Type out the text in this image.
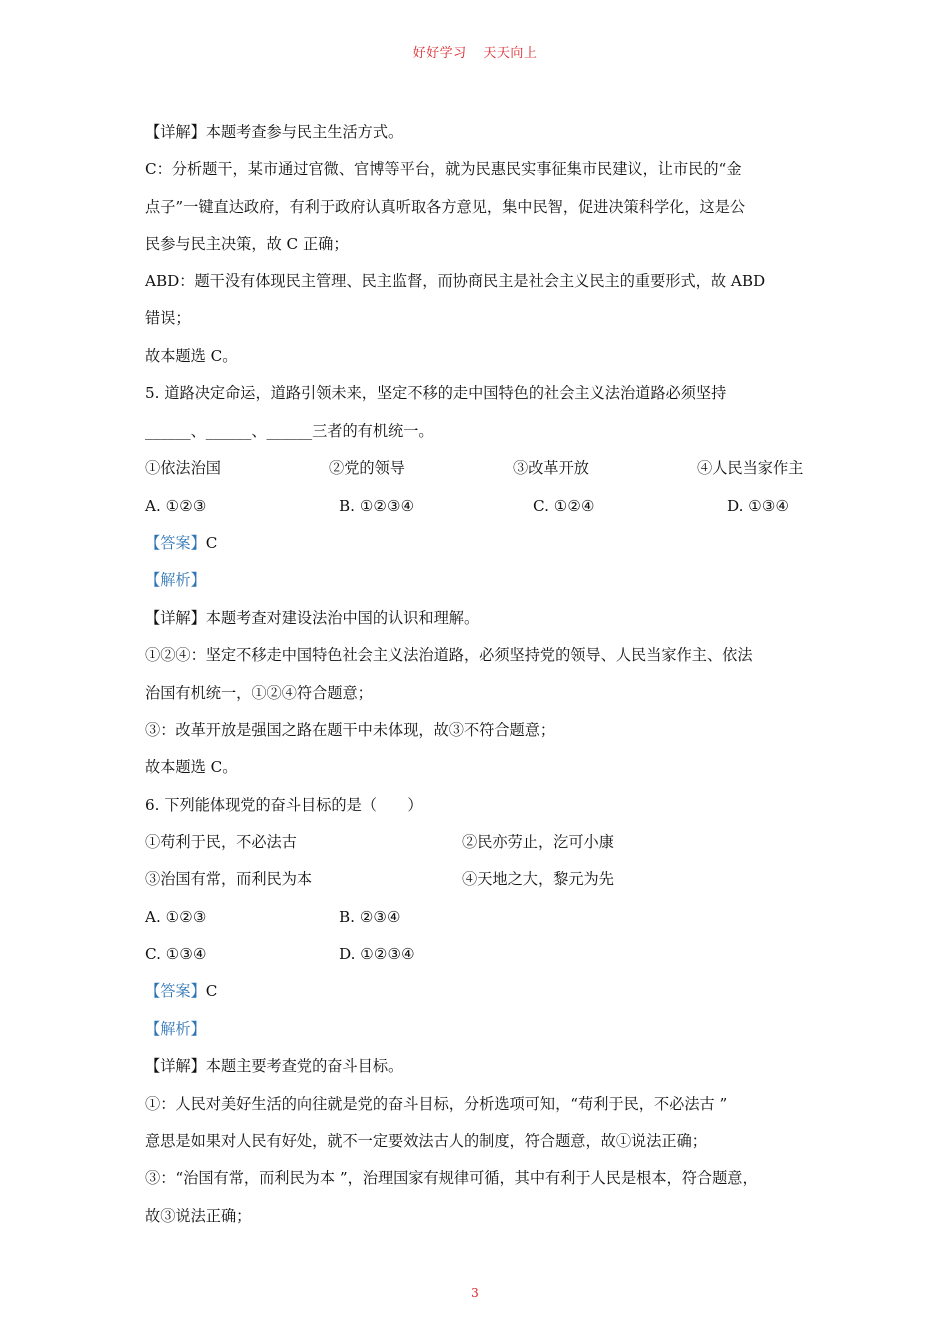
好好学习 天天向上
【详解】本题考查参与民主生活方式。
C：分析题干，某市通过官微、官博等平台，就为民惠民实事征集市民建议，让市民的“金
点子”一键直达政府，有利于政府认真听取各方意见，集中民智，促进决策科学化，这是公
民参与民主决策，故 C 正确；
ABD：题干没有体现民主管理、民主监督，而协商民主是社会主义民主的重要形式，故 ABD
错误；
故本题选 C。
5. 道路决定命运，道路引领未来，坚定不移的走中国特色的社会主义法治道路必须坚持
______、______、______三者的有机统一。
①依法治国	②党的领导	③改革开放	④人民当家作主
A. ①②③	B. ①②③④	C. ①②④	D. ①③④
【答案】C
【解析】
【详解】本题考查对建设法治中国的认识和理解。
①②④：坚定不移走中国特色社会主义法治道路，必须坚持党的领导、人民当家作主、依法
治国有机统一，①②④符合题意；
③：改革开放是强国之路在题干中未体现，故③不符合题意；
故本题选 C。
6. 下列能体现党的奋斗目标的是（　　）
①苟利于民，不必法古	②民亦劳止，汔可小康
③治国有常，而利民为本	④天地之大，黎元为先
A. ①②③	B. ②③④
C. ①③④	D. ①②③④
【答案】C
【解析】
【详解】本题主要考查党的奋斗目标。
①：人民对美好生活的向往就是党的奋斗目标，分析选项可知，“苟利于民，不必法古 ”
意思是如果对人民有好处，就不一定要效法古人的制度，符合题意，故①说法正确；
③：“治国有常，而利民为本 ”，治理国家有规律可循，其中有利于人民是根本，符合题意，
故③说法正确；
3
